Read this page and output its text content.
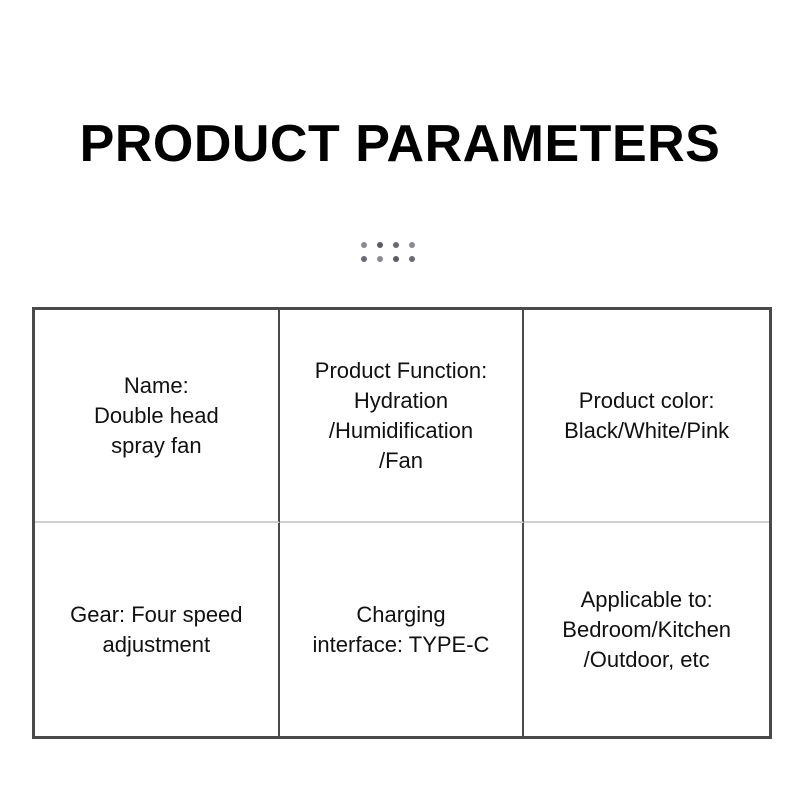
PRODUCT PARAMETERS
Name:
Double head
spray fan
Product Function:
Hydration
/Humidification
/Fan
Product color:
Black/White/Pink
Gear: Four speed
adjustment
Charging
interface: TYPE-C
Applicable to:
Bedroom/Kitchen
/Outdoor, etc
